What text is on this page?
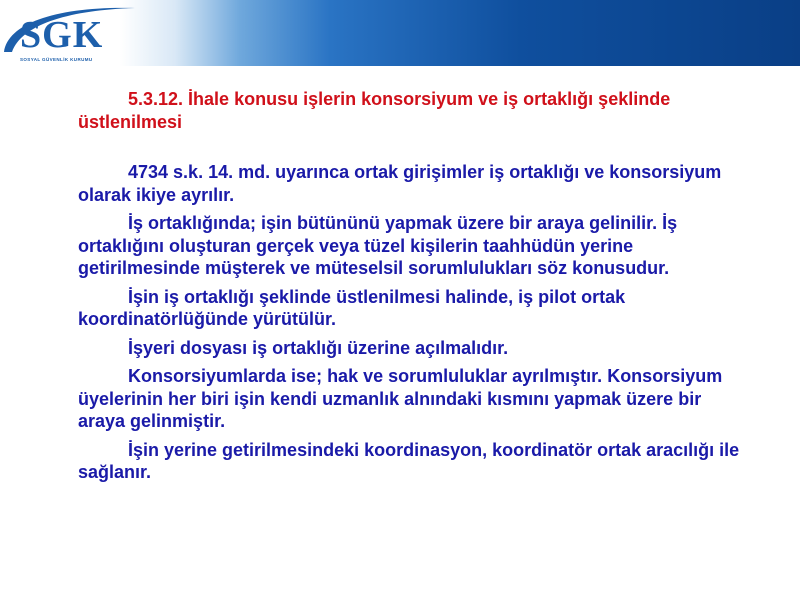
SGK
SOSYAL GÜVENLİK KURUMU

5.3.12. İhale konusu işlerin konsorsiyum ve iş ortaklığı şeklinde üstlenilmesi

4734 s.k. 14. md. uyarınca ortak girişimler iş ortaklığı ve konsorsiyum olarak ikiye ayrılır.

İş ortaklığında; işin bütününü yapmak üzere bir araya gelinilir. İş ortaklığını oluşturan gerçek veya tüzel kişilerin taahhüdün yerine getirilmesinde müşterek ve müteselsil sorumlulukları söz konusudur.

İşin iş ortaklığı şeklinde üstlenilmesi halinde, iş pilot ortak koordinatörlüğünde yürütülür.

İşyeri dosyası iş ortaklığı üzerine açılmalıdır.

Konsorsiyumlarda ise; hak ve sorumluluklar ayrılmıştır. Konsorsiyum üyelerinin her biri işin kendi uzmanlık alnındaki kısmını yapmak üzere bir araya gelinmiştir.

İşin yerine getirilmesindeki koordinasyon, koordinatör ortak aracılığı ile sağlanır.
